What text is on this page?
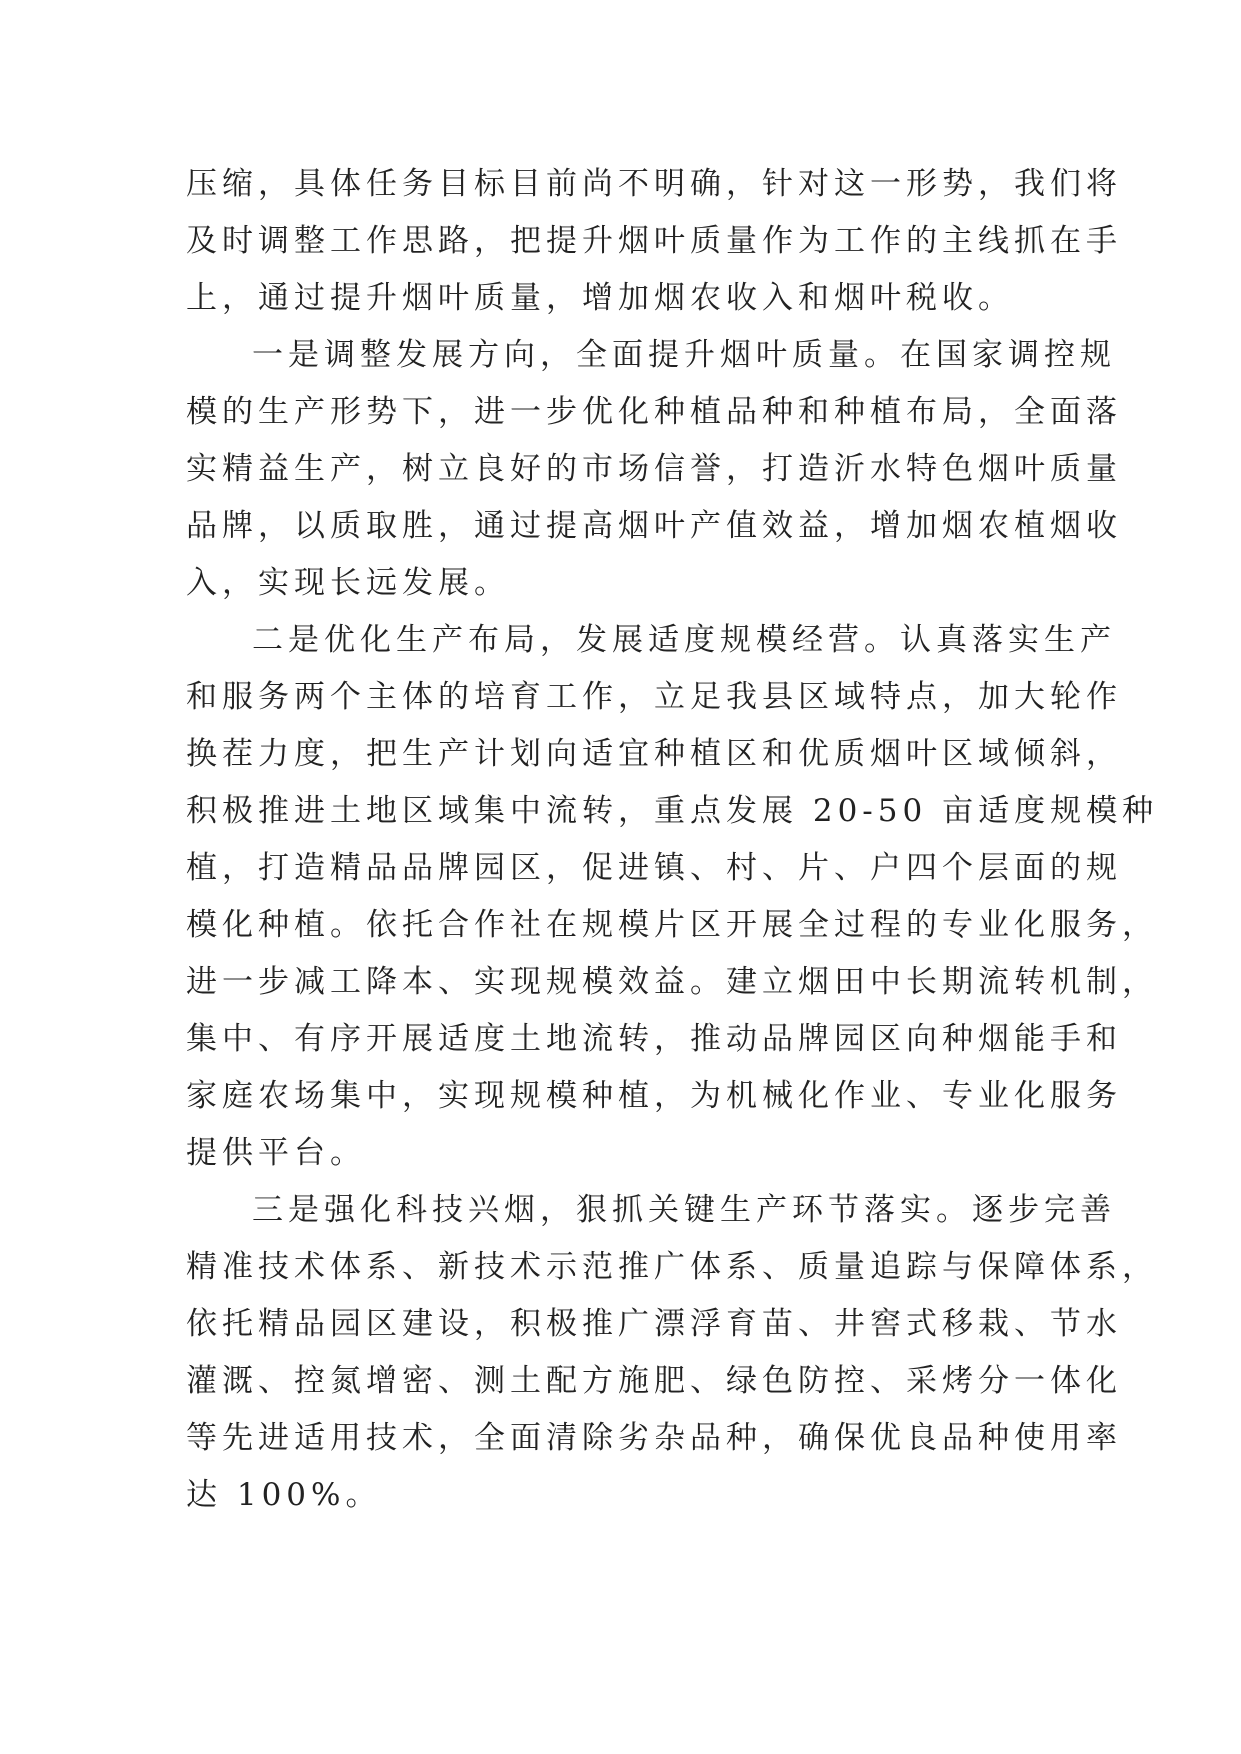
压缩，具体任务目标目前尚不明确，针对这一形势，我们将
及时调整工作思路，把提升烟叶质量作为工作的主线抓在手
上，通过提升烟叶质量，增加烟农收入和烟叶税收。
一是调整发展方向，全面提升烟叶质量。在国家调控规
模的生产形势下，进一步优化种植品种和种植布局，全面落
实精益生产，树立良好的市场信誉，打造沂水特色烟叶质量
品牌，以质取胜，通过提高烟叶产值效益，增加烟农植烟收
入，实现长远发展。
二是优化生产布局，发展适度规模经营。认真落实生产
和服务两个主体的培育工作，立足我县区域特点，加大轮作
换茬力度，把生产计划向适宜种植区和优质烟叶区域倾斜，
积极推进土地区域集中流转，重点发展 20-50 亩适度规模种
植，打造精品品牌园区，促进镇、村、片、户四个层面的规
模化种植。依托合作社在规模片区开展全过程的专业化服务，
进一步减工降本、实现规模效益。建立烟田中长期流转机制，
集中、有序开展适度土地流转，推动品牌园区向种烟能手和
家庭农场集中，实现规模种植，为机械化作业、专业化服务
提供平台。
三是强化科技兴烟，狠抓关键生产环节落实。逐步完善
精准技术体系、新技术示范推广体系、质量追踪与保障体系，
依托精品园区建设，积极推广漂浮育苗、井窖式移栽、节水
灌溉、控氮增密、测土配方施肥、绿色防控、采烤分一体化
等先进适用技术，全面清除劣杂品种，确保优良品种使用率
达 100%。
